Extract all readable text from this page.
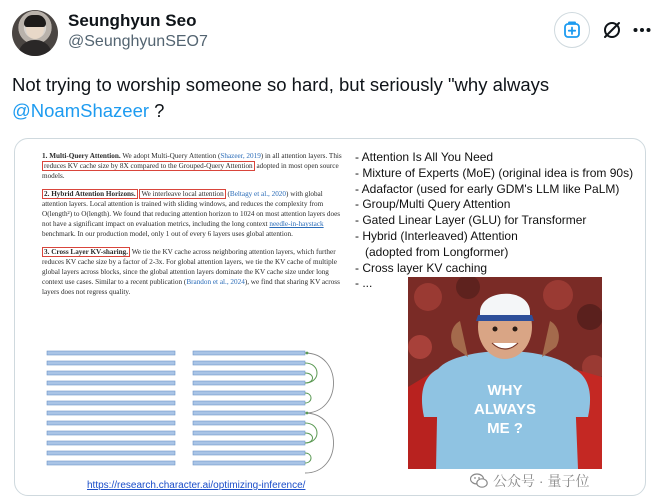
Seunghyun Seo
@SeunghyunSEO7
Not trying to worship someone so hard, but seriously "why always
@NoamShazeer ?
1. Multi-Query Attention. We adopt Multi-Query Attention (Shazeer, 2019) in all attention layers. This reduces KV cache size by 8X compared to the Grouped-Query Attention adopted in most open source models.
2. Hybrid Attention Horizons. We interleave local attention (Beltagy et al., 2020) with global attention layers. Local attention is trained with sliding windows, and reduces the complexity from O(length²) to O(length). We found that reducing attention horizon to 1024 on most attention layers does not have a significant impact on evaluation metrics, including the long context needle-in-haystack benchmark. In our production model, only 1 out of every 6 layers uses global attention.
3. Cross Layer KV-sharing. We tie the KV cache across neighboring attention layers, which further reduces KV cache size by a factor of 2-3x. For global attention layers, we tie the KV cache of multiple global layers across blocks, since the global attention layers dominate the KV cache size under long context use cases. Similar to a recent publication (Brandon et al., 2024), we find that sharing KV across layers does not regress quality.
https://research.character.ai/optimizing-inference/
- Attention Is All You Need
- Mixture of Experts (MoE) (original idea is from 90s)
- Adafactor (used for early GDM's LLM like PaLM)
- Group/Multi Query Attention
- Gated Linear Layer (GLU) for Transformer
- Hybrid (Interleaved) Attention
(adopted from Longformer)
- Cross layer KV caching
- ...
WHY
ALWAYS
ME ?
公众号 · 量子位
